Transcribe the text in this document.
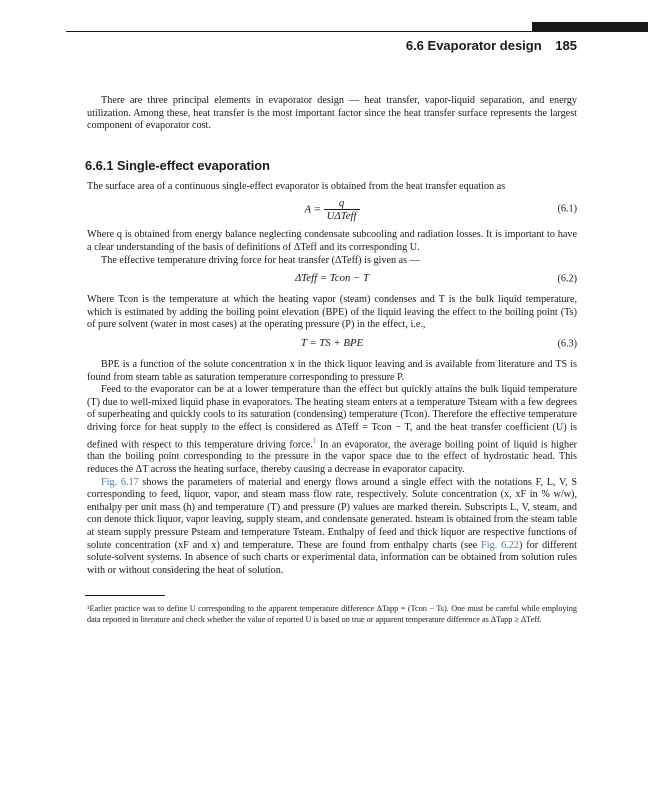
6.6 Evaporator design 185

There are three principal elements in evaporator design — heat transfer, vapor-liquid separation, and energy utilization. Among these, heat transfer is the most important factor since the heat transfer surface represents the largest component of evaporator cost.

6.6.1 Single-effect evaporation

The surface area of a continuous single-effect evaporator is obtained from the heat transfer equation as

$A = \frac{q}{\text{UΔTeff}}$	(6.1)

Where q is obtained from energy balance neglecting condensate subcooling and radiation losses. It is important to have a clear understanding of the basis of definitions of ΔTeff and its corresponding U.

The effective temperature driving force for heat transfer (ΔTeff) is given as —

ΔTeff = Tcon − T	(6.2)

Where Tcon is the temperature at which the heating vapor (steam) condenses and T is the bulk liquid temperature, which is estimated by adding the boiling point elevation (BPE) of the liquid leaving the effect to the boiling point (Ts) of pure solvent (water in most cases) at the operating pressure (P) in the effect, i.e.,

T = TS + BPE	(6.3)

BPE is a function of the solute concentration x in the thick liquor leaving and is available from literature and TS is found from steam table as saturation temperature corresponding to pressure P.

Feed to the evaporator can be at a lower temperature than the effect but quickly attains the bulk liquid temperature (T) due to well-mixed liquid phase in evaporators. The heating steam enters at a temperature Tsteam with a few degrees of superheating and quickly cools to its saturation (condensing) temperature (Tcon). Therefore the effective temperature driving force for heat supply to the effect is considered as ΔTeff = Tcon − T, and the heat transfer coefficient (U) is defined with respect to this temperature driving force.$^1$ In an evaporator, the average boiling point of liquid is higher than the boiling point corresponding to the pressure in the vapor space due to the effect of hydrostatic head. This reduces the ΔT across the heating surface, thereby causing a decrease in evaporator capacity.

Fig. 6.17 shows the parameters of material and energy flows around a single effect with the notations F, L, V, S corresponding to feed, liquor, vapor, and steam mass flow rate, respectively. Solute concentration (x, xF in % w/w), enthalpy per unit mass (h) and temperature (T) and pressure (P) values are marked therein. Subscripts L, V, steam, and con denote thick liquor, vapor leaving, supply steam, and condensate generated. hsteam is obtained from the steam table at steam supply pressure Psteam and temperature Tsteam. Enthalpy of feed and thick liquor are respective functions of solute concentration (xF and x) and temperature. These are found from enthalpy charts (see Fig. 6.22) for different solute-solvent systems. In absence of such charts or experimental data, information can be obtained from solution rules with or without considering the heat of solution.

¹Earlier practice was to define U corresponding to the apparent temperature difference ΔTapp = (Tcon − Ts). One must be careful while employing data reported in literature and check whether the value of reported U is based on true or apparent temperature difference as ΔTapp ≥ ΔTeff.
